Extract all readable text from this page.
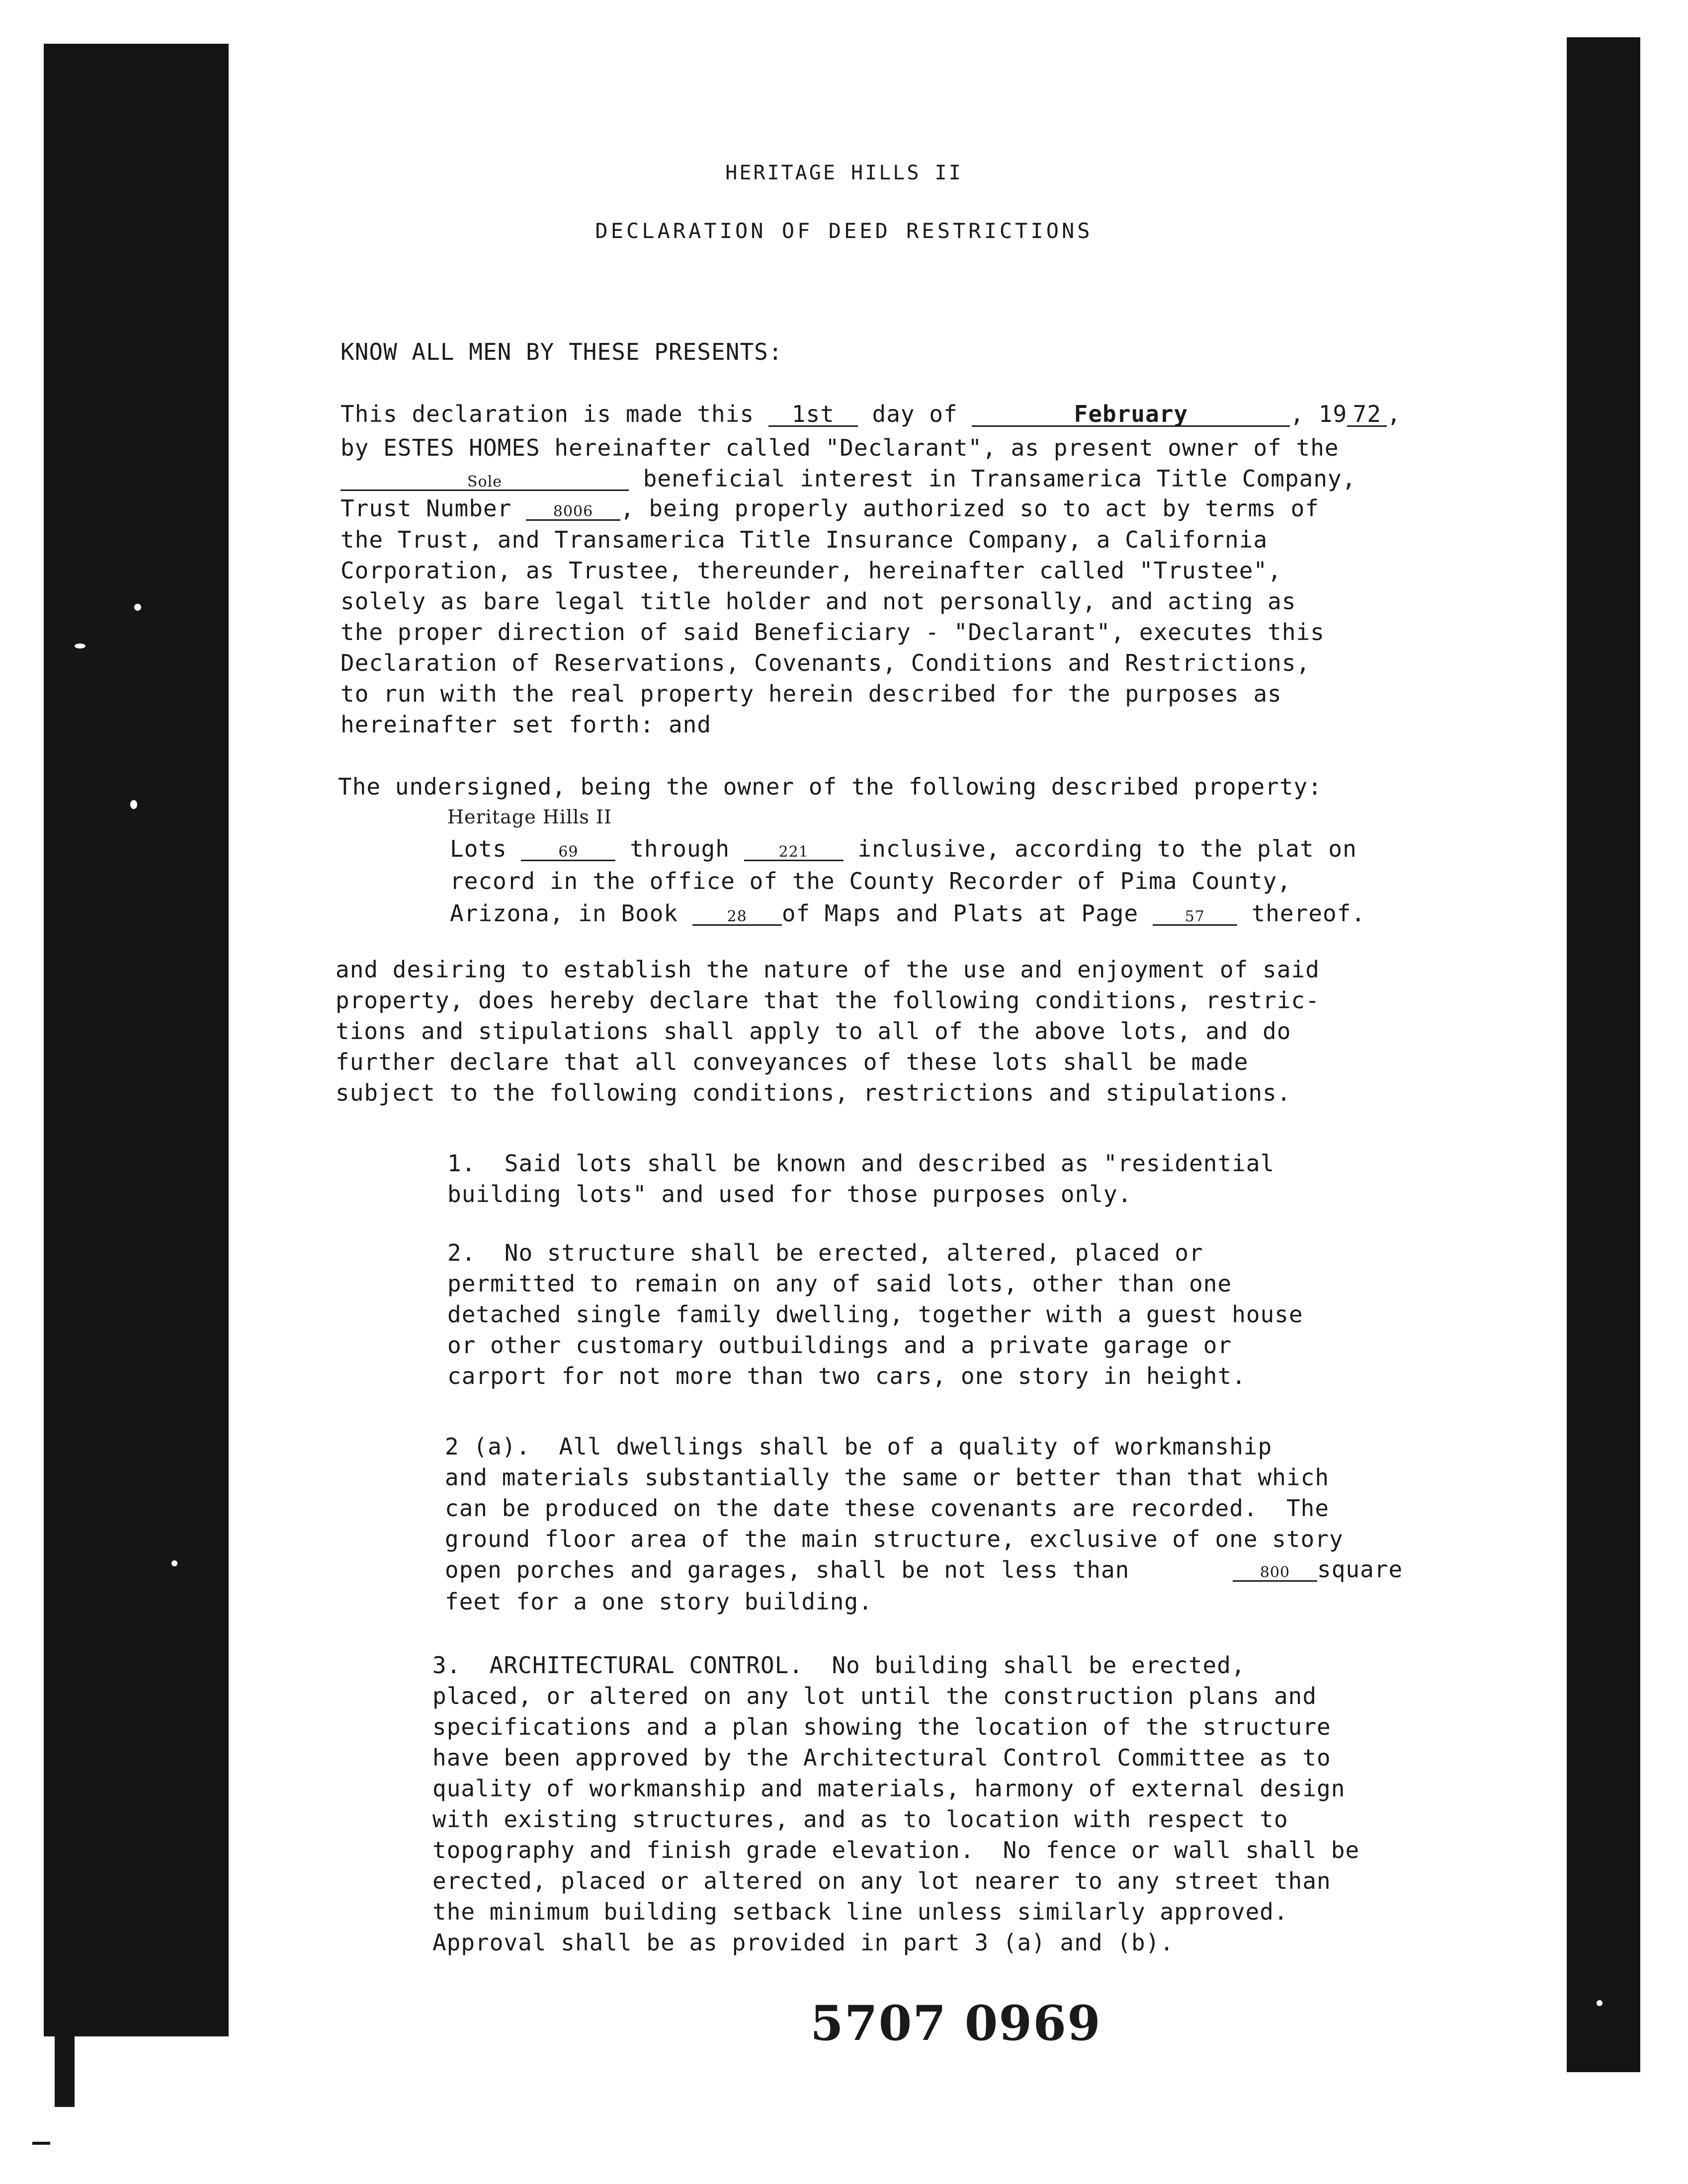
HERITAGE HILLS II
DECLARATION OF DEED RESTRICTIONS
KNOW ALL MEN BY THESE PRESENTS:
This declaration is made this	1st	day of	February	, 19 72 ,
by ESTES HOMES hereinafter called "Declarant", as present owner of the
Sole	beneficial interest in Transamerica Title Company,
Trust Number	8006	, being properly authorized so to act by terms of
the Trust, and Transamerica Title Insurance Company, a California
Corporation, as Trustee, thereunder, hereinafter called "Trustee",
solely as bare legal title holder and not personally, and acting as
the proper direction of said Beneficiary - "Declarant", executes this
Declaration of Reservations, Covenants, Conditions and Restrictions,
to run with the real property herein described for the purposes as
hereinafter set forth: and
The undersigned, being the owner of the following described property:
Heritage Hills II
Lots	69	through	221	inclusive, according to the plat on
record in the office of the County Recorder of Pima County,
Arizona, in Book	28	of Maps and Plats at Page	57	thereof.
and desiring to establish the nature of the use and enjoyment of said
property, does hereby declare that the following conditions, restric-
tions and stipulations shall apply to all of the above lots, and do
further declare that all conveyances of these lots shall be made
subject to the following conditions, restrictions and stipulations.
1.  Said lots shall be known and described as "residential
building lots" and used for those purposes only.
2.  No structure shall be erected, altered, placed or
permitted to remain on any of said lots, other than one
detached single family dwelling, together with a guest house
or other customary outbuildings and a private garage or
carport for not more than two cars, one story in height.
2 (a).  All dwellings shall be of a quality of workmanship
and materials substantially the same or better than that which
can be produced on the date these covenants are recorded.  The
ground floor area of the main structure, exclusive of one story
open porches and garages, shall be not less than	800	square
feet for a one story building.
3.  ARCHITECTURAL CONTROL.  No building shall be erected,
placed, or altered on any lot until the construction plans and
specifications and a plan showing the location of the structure
have been approved by the Architectural Control Committee as to
quality of workmanship and materials, harmony of external design
with existing structures, and as to location with respect to
topography and finish grade elevation.  No fence or wall shall be
erected, placed or altered on any lot nearer to any street than
the minimum building setback line unless similarly approved.
Approval shall be as provided in part 3 (a) and (b).
5707 0969
